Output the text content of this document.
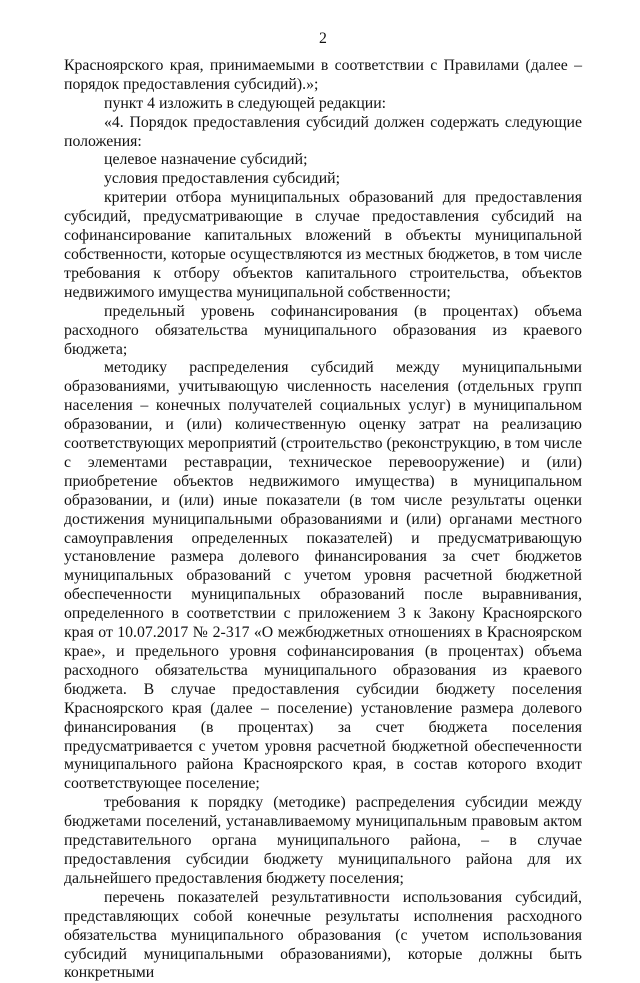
2

Красноярского края, принимаемыми в соответствии с Правилами (далее – порядок предоставления субсидий).»;

пункт 4 изложить в следующей редакции:

«4. Порядок предоставления субсидий должен содержать следующие положения:

целевое назначение субсидий;

условия предоставления субсидий;

критерии отбора муниципальных образований для предоставления субсидий, предусматривающие в случае предоставления субсидий на софинансирование капитальных вложений в объекты муниципальной собственности, которые осуществляются из местных бюджетов, в том числе требования к отбору объектов капитального строительства, объектов недвижимого имущества муниципальной собственности;

предельный уровень софинансирования (в процентах) объема расходного обязательства муниципального образования из краевого бюджета;

методику распределения субсидий между муниципальными образованиями, учитывающую численность населения (отдельных групп населения – конечных получателей социальных услуг) в муниципальном образовании, и (или) количественную оценку затрат на реализацию соответствующих мероприятий (строительство (реконструкцию, в том числе с элементами реставрации, техническое перевооружение) и (или) приобретение объектов недвижимого имущества) в муниципальном образовании, и (или) иные показатели (в том числе результаты оценки достижения муниципальными образованиями и (или) органами местного самоуправления определенных показателей) и предусматривающую установление размера долевого финансирования за счет бюджетов муниципальных образований с учетом уровня расчетной бюджетной обеспеченности муниципальных образований после выравнивания, определенного в соответствии с приложением 3 к Закону Красноярского края от 10.07.2017 № 2-317 «О межбюджетных отношениях в Красноярском крае», и предельного уровня софинансирования (в процентах) объема расходного обязательства муниципального образования из краевого бюджета. В случае предоставления субсидии бюджету поселения Красноярского края (далее – поселение) установление размера долевого финансирования (в процентах) за счет бюджета поселения предусматривается с учетом уровня расчетной бюджетной обеспеченности муниципального района Красноярского края, в состав которого входит соответствующее поселение;

требования к порядку (методике) распределения субсидии между бюджетами поселений, устанавливаемому муниципальным правовым актом представительного органа муниципального района, – в случае предоставления субсидии бюджету муниципального района для их дальнейшего предоставления бюджету поселения;

перечень показателей результативности использования субсидий, представляющих собой конечные результаты исполнения расходного обязательства муниципального образования (с учетом использования субсидий муниципальными образованиями), которые должны быть конкретными
